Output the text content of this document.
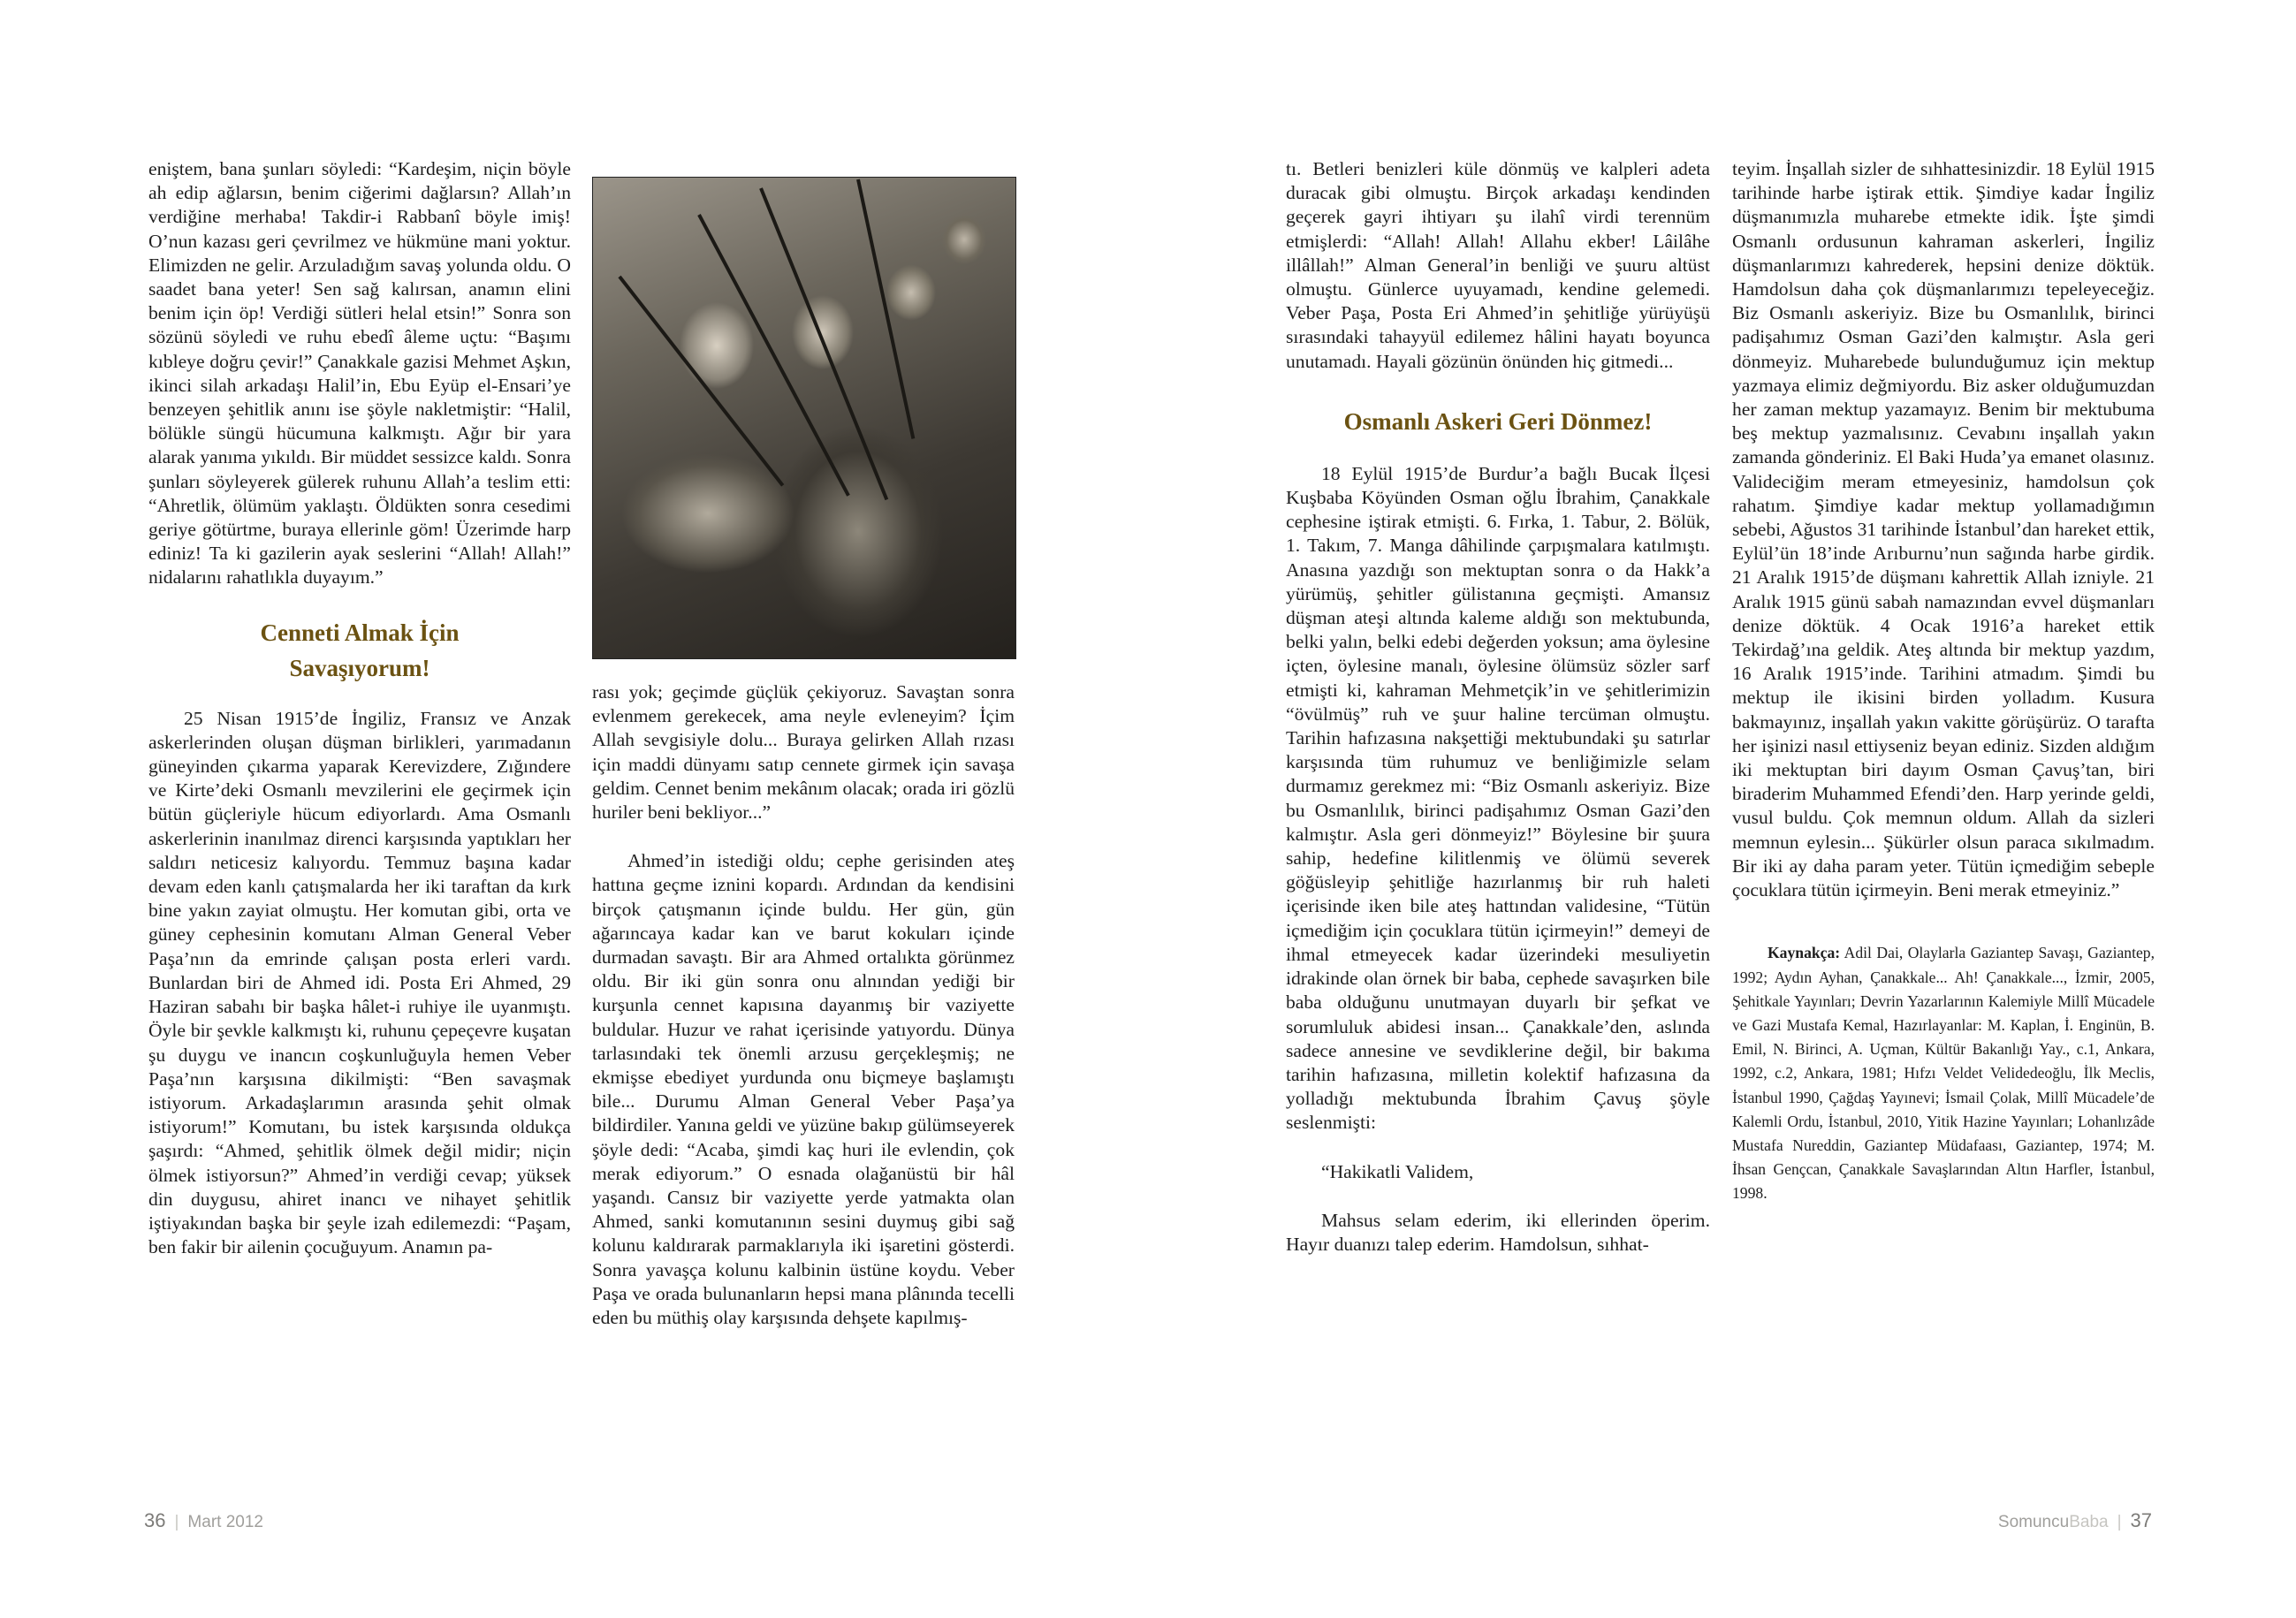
enіştem, bana şunları söyledi: “Kardeşim, niçin böyle ah edip ağlarsın, benim ciğerimi dağlarsın? Allah’ın verdiğine merhaba! Takdir-i Rabbanî böyle imiş! O’nun kazası geri çevrilmez ve hükmüne mani yoktur. Elimizden ne gelir. Arzuladığım savaş yolunda oldu. O saadet bana yeter! Sen sağ kalırsan, anamın elini benim için öp! Verdiği sütleri helal etsin!” Sonra son sözünü söyledi ve ruhu ebedî âleme uçtu: “Başımı kıbleye doğru çevir!” Çanakkale gazisi Mehmet Aşkın, ikinci silah arkadaşı Halil’in, Ebu Eyüp el-Ensari’ye benzeyen şehitlik anını ise şöyle nakletmiştir: “Halil, bölükle süngü hücumuna kalkmıştı. Ağır bir yara alarak yanıma yıkıldı. Bir müddet sessizce kaldı. Sonra şunları söyleyerek gülerek ruhunu Allah’a teslim etti: “Ahretlik, ölümüm yaklaştı. Öldükten sonra cesedimi geriye götürtme, buraya ellerinle göm! Üzerimde harp ediniz! Ta ki gazilerin ayak seslerini “Allah! Allah!” nidalarını rahatlıkla duyayım.”

Cenneti Almak İçin Savaşıyorum!

25 Nisan 1915’de İngiliz, Fransız ve Anzak askerlerinden oluşan düşman birlikleri, yarımadanın güneyinden çıkarma yaparak Kerevizdere, Zığındere ve Kirte’deki Osmanlı mevzilerini ele geçirmek için bütün güçleriyle hücum ediyorlardı. Ama Osmanlı askerlerinin inanılmaz direnci karşısında yaptıkları her saldırı neticesiz kalıyordu. Temmuz başına kadar devam eden kanlı çatışmalarda her iki taraftan da kırk bine yakın zayiat olmuştu. Her komutan gibi, orta ve güney cephesinin komutanı Alman General Veber Paşa’nın da emrinde çalışan posta erleri vardı. Bunlardan biri de Ahmed idi. Posta Eri Ahmed, 29 Haziran sabahı bir başka hâlet-i ruhiye ile uyanmıştı. Öyle bir şevkle kalkmıştı ki, ruhunu çepeçevre kuşatan şu duygu ve inancın coşkunluğuyla hemen Veber Paşa’nın karşısına dikilmişti: “Ben savaşmak istiyorum. Arkadaşlarımın arasında şehit olmak istiyorum!” Komutanı, bu istek karşısında oldukça şaşırdı: “Ahmed, şehitlik ölmek değil midir; niçin ölmek istiyorsun?” Ahmed’in verdiği cevap; yüksek din duygusu, ahiret inancı ve nihayet şehitlik iştiyakından başka bir şeyle izah edilemezdi: “Paşam, ben fakir bir ailenin çocuğuyum. Anamın pa-

rası yok; geçimde güçlük çekiyoruz. Savaştan sonra evlenmem gerekecek, ama neyle evleneyim? İçim Allah sevgisiyle dolu... Buraya gelirken Allah rızası için maddi dünyamı satıp cennete girmek için savaşa geldim. Cennet benim mekânım olacak; orada iri gözlü huriler beni bekliyor...”

Ahmed’in istediği oldu; cephe gerisinden ateş hattına geçme iznini kopardı. Ardından da kendisini birçok çatışmanın içinde buldu. Her gün, gün ağarıncaya kadar kan ve barut kokuları içinde durmadan savaştı. Bir ara Ahmed ortalıkta görünmez oldu. Bir iki gün sonra onu alnından yediği bir kurşunla cennet kapısına dayanmış bir vaziyette buldular. Huzur ve rahat içerisinde yatıyordu. Dünya tarlasındaki tek önemli arzusu gerçekleşmiş; ne ekmişse ebediyet yurdunda onu biçmeye başlamıştı bile... Durumu Alman General Veber Paşa’ya bildirdiler. Yanına geldi ve yüzüne bakıp gülümseyerek şöyle dedi: “Acaba, şimdi kaç huri ile evlendin, çok merak ediyorum.” O esnada olağanüstü bir hâl yaşandı. Cansız bir vaziyette yerde yatmakta olan Ahmed, sanki komutanının sesini duymuş gibi sağ kolunu kaldırarak parmaklarıyla iki işaretini gösterdi. Sonra yavaşça kolunu kalbinin üstüne koydu. Veber Paşa ve orada bulunanların hepsi mana plânında tecelli eden bu müthiş olay karşısında dehşete kapılmış-

36 | Mart 2012

tı. Betleri benizleri küle dönmüş ve kalpleri adeta duracak gibi olmuştu. Birçok arkadaşı kendinden geçerek gayri ihtiyarı şu ilahî virdi terennüm etmişlerdi: “Allah! Allah! Allahu ekber! Lâilâhe illâllah!” Alman General’in benliği ve şuuru altüst olmuştu. Günlerce uyuyamadı, kendine gelemedi. Veber Paşa, Posta Eri Ahmed’in şehitliğe yürüyüşü sırasındaki tahayyül edilemez hâlini hayatı boyunca unutamadı. Hayali gözünün önünden hiç gitmedi...

Osmanlı Askeri Geri Dönmez!

18 Eylül 1915’de Burdur’a bağlı Bucak İlçesi Kuşbaba Köyünden Osman oğlu İbrahim, Çanakkale cephesine iştirak etmişti. 6. Fırka, 1. Tabur, 2. Bölük, 1. Takım, 7. Manga dâhilinde çarpışmalara katılmıştı. Anasına yazdığı son mektuptan sonra o da Hakk’a yürümüş, şehitler gülistanına geçmişti. Amansız düşman ateşi altında kaleme aldığı son mektubunda, belki yalın, belki edebi değerden yoksun; ama öylesine içten, öylesine manalı, öylesine ölümsüz sözler sarf etmişti ki, kahraman Mehmetçik’in ve şehitlerimizin “övülmüş” ruh ve şuur haline tercüman olmuştu. Tarihin hafızasına nakşettiği mektubundaki şu satırlar karşısında tüm ruhumuz ve benliğimizle selam durmamız gerekmez mi: “Biz Osmanlı askeriyiz. Bize bu Osmanlılık, birinci padişahımız Osman Gazi’den kalmıştır. Asla geri dönmeyiz!” Böylesine bir şuura sahip, hedefine kilitlenmiş ve ölümü severek göğüsleyip şehitliğe hazırlanmış bir ruh haleti içerisinde iken bile ateş hattından validesine, “Tütün içmediğim için çocuklara tütün içirmeyin!” demeyi de ihmal etmeyecek kadar üzerindeki mesuliyetin idrakinde olan örnek bir baba, cephede savaşırken bile baba olduğunu unutmayan duyarlı bir şefkat ve sorumluluk abidesi insan... Çanakkale’den, aslında sadece annesine ve sevdiklerine değil, bir bakıma tarihin hafızasına, milletin kolektif hafızasına da yolladığı mektubunda İbrahim Çavuş şöyle seslenmişti:

“Hakikatli Validem,

Mahsus selam ederim, iki ellerinden öperim. Hayır duanızı talep ederim. Hamdolsun, sıhhat-

teyim. İnşallah sizler de sıhhattesinizdir. 18 Eylül 1915 tarihinde harbe iştirak ettik. Şimdiye kadar İngiliz düşmanımızla muharebe etmekte idik. İşte şimdi Osmanlı ordusunun kahraman askerleri, İngiliz düşmanlarımızı kahrederek, hepsini denize döktük. Hamdolsun daha çok düşmanlarımızı tepeleyeceğiz. Biz Osmanlı askeriyiz. Bize bu Osmanlılık, birinci padişahımız Osman Gazi’den kalmıştır. Asla geri dönmeyiz. Muharebede bulunduğumuz için mektup yazmaya elimiz değmiyordu. Biz asker olduğumuzdan her zaman mektup yazamayız. Benim bir mektubuma beş mektup yazmalısınız. Cevabını inşallah yakın zamanda gönderiniz. El Baki Huda’ya emanet olasınız. Valideciğim meram etmeyesiniz, hamdolsun çok rahatım. Şimdiye kadar mektup yollamadığımın sebebi, Ağustos 31 tarihinde İstanbul’dan hareket ettik, Eylül’ün 18’inde Arıburnu’nun sağında harbe girdik. 21 Aralık 1915’de düşmanı kahrettik Allah izniyle. 21 Aralık 1915 günü sabah namazından evvel düşmanları denize döktük. 4 Ocak 1916’a hareket ettik Tekirdağ’ına geldik. Ateş altında bir mektup yazdım, 16 Aralık 1915’inde. Tarihini atmadım. Şimdi bu mektup ile ikisini birden yolladım. Kusura bakmayınız, inşallah yakın vakitte görüşürüz. O tarafta her işinizi nasıl ettiyseniz beyan ediniz. Sizden aldığım iki mektuptan biri dayım Osman Çavuş’tan, biri biraderim Muhammed Efendi’den. Harp yerinde geldi, vusul buldu. Çok memnun oldum. Allah da sizleri memnun eylesin... Şükürler olsun paraca sıkılmadım. Bir iki ay daha param yeter. Tütün içmediğim sebeple çocuklara tütün içirmeyin. Beni merak etmeyiniz.”

Kaynakça: Adil Dai, Olaylarla Gaziantep Savaşı, Gaziantep, 1992; Aydın Ayhan, Çanakkale... Ah! Çanakkale..., İzmir, 2005, Şehitkale Yayınları; Devrin Yazarlarının Kalemiyle Millî Mücadele ve Gazi Mustafa Kemal, Hazırlayanlar: M. Kaplan, İ. Enginün, B. Emil, N. Birinci, A. Uçman, Kültür Bakanlığı Yay., c.1, Ankara, 1992, c.2, Ankara, 1981; Hıfzı Veldet Velidedeoğlu, İlk Meclis, İstanbul 1990, Çağdaş Yayınevi; İsmail Çolak, Millî Mücadele’de Kalemli Ordu, İstanbul, 2010, Yitik Hazine Yayınları; Lohanlızâde Mustafa Nureddin, Gaziantep Müdafaası, Gaziantep, 1974; M. İhsan Gençcan, Çanakkale Savaşlarından Altın Harfler, İstanbul, 1998.

SomuncuBaba | 37
